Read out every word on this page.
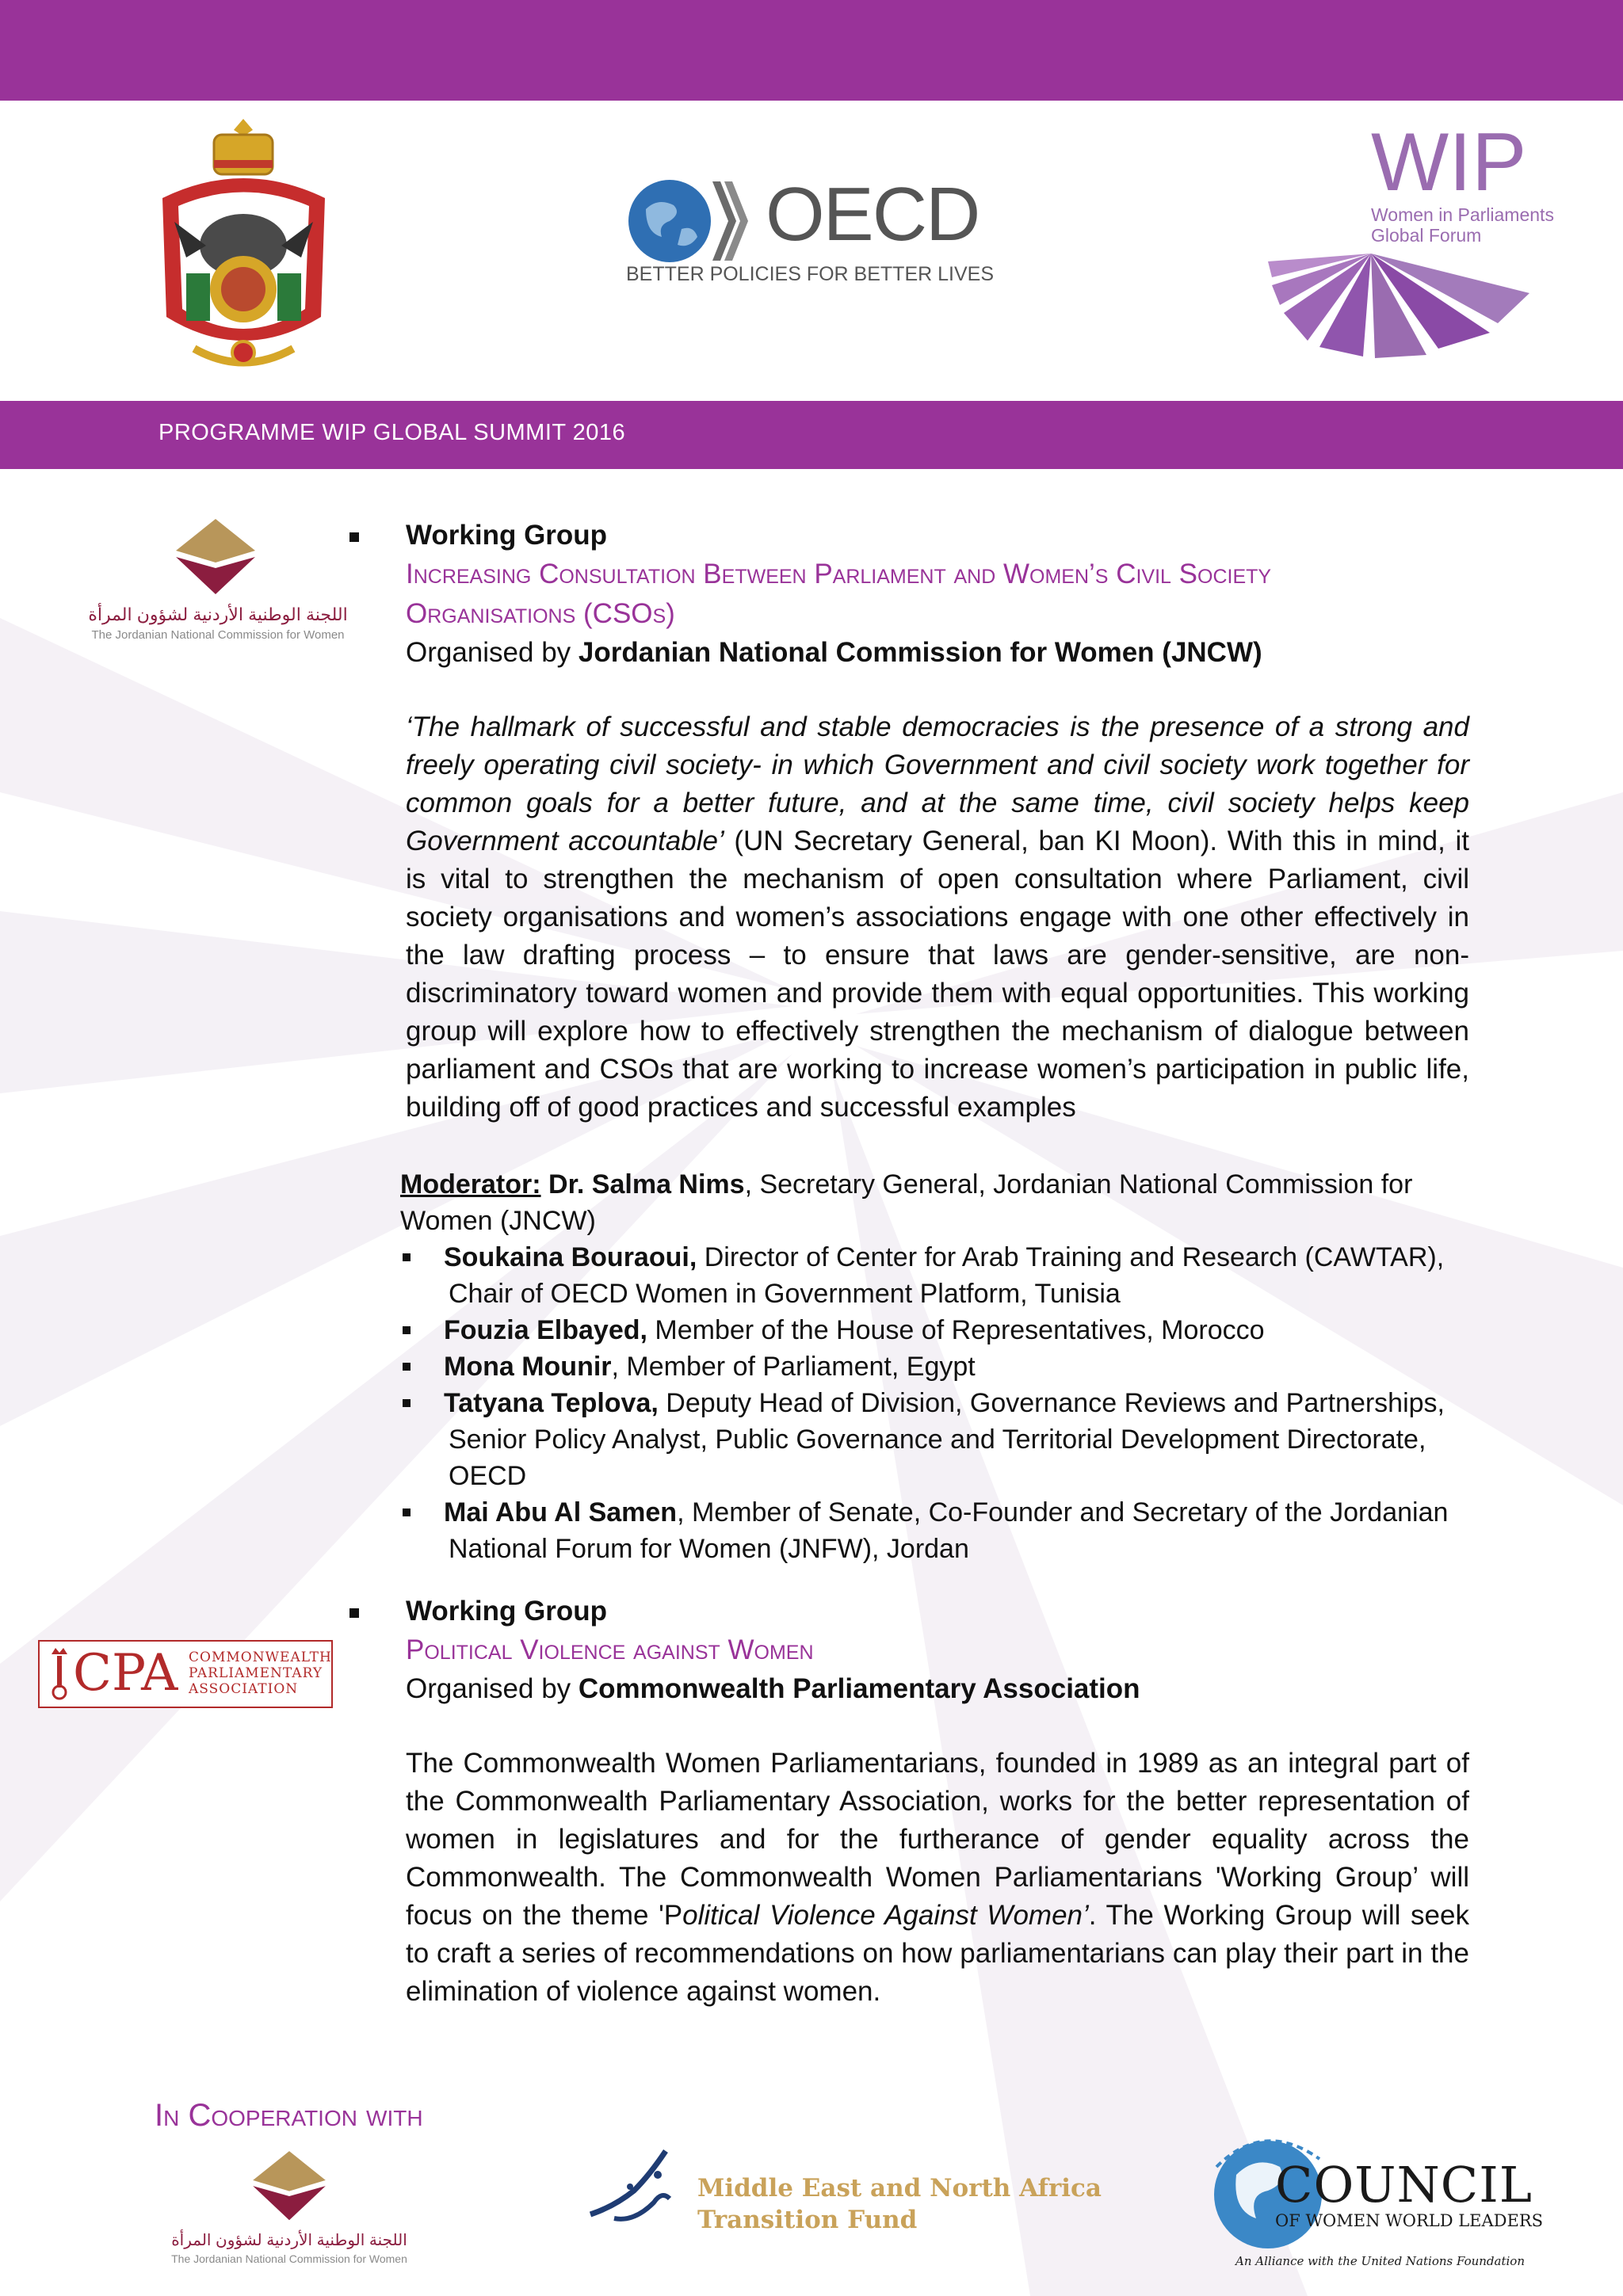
OECD
BETTER POLICIES FOR BETTER LIVES
WIP
Women in Parliaments
Global Forum
PROGRAMME WIP GLOBAL SUMMIT 2016
اللجنة الوطنية الأردنية لشؤون المرأة
The Jordanian National Commission for Women
Working Group
Increasing Consultation Between Parliament and Women’s Civil Society
Organisations (CSOs)
Organised by Jordanian National Commission for Women (JNCW)
‘The hallmark of successful and stable democracies is the presence of a strong and freely operating civil society- in which Government and civil society work together for common goals for a better future, and at the same time, civil society helps keep Government accountable’ (UN Secretary General, ban KI Moon). With this in mind, it is vital to strengthen the mechanism of open consultation where Parliament, civil society organisations and women’s associations engage with one other effectively in the law drafting process – to ensure that laws are gender-sensitive, are non-discriminatory toward women and provide them with equal opportunities. This working group will explore how to effectively strengthen the mechanism of dialogue between parliament and CSOs that are working to increase women’s participation in public life, building off of good practices and successful examples
Moderator: Dr. Salma Nims, Secretary General, Jordanian National Commission for Women (JNCW)
Soukaina Bouraoui, Director of Center for Arab Training and Research (CAWTAR),
Chair of OECD Women in Government Platform, Tunisia
Fouzia Elbayed, Member of the House of Representatives, Morocco
Mona Mounir, Member of Parliament, Egypt
Tatyana Teplova, Deputy Head of Division, Governance Reviews and Partnerships,
Senior Policy Analyst, Public Governance and Territorial Development Directorate,
OECD
Mai Abu Al Samen, Member of Senate, Co-Founder and Secretary of the Jordanian
National Forum for Women (JNFW), Jordan
CPA COMMONWEALTH
PARLIAMENTARY
ASSOCIATION
Working Group
Political Violence against Women
Organised by Commonwealth Parliamentary Association
The Commonwealth Women Parliamentarians, founded in 1989 as an integral part of the Commonwealth Parliamentary Association, works for the better representation of women in legislatures and for the furtherance of gender equality across the Commonwealth. The Commonwealth Women Parliamentarians 'Working Group’ will focus on the theme 'Political Violence Against Women’. The Working Group will seek to craft a series of recommendations on how parliamentarians can play their part in the elimination of violence against women.
In Cooperation with
اللجنة الوطنية الأردنية لشؤون المرأة
The Jordanian National Commission for Women
Middle East and North Africa
Transition Fund
COUNCIL
OF WOMEN WORLD LEADERS
An Alliance with the United Nations Foundation
